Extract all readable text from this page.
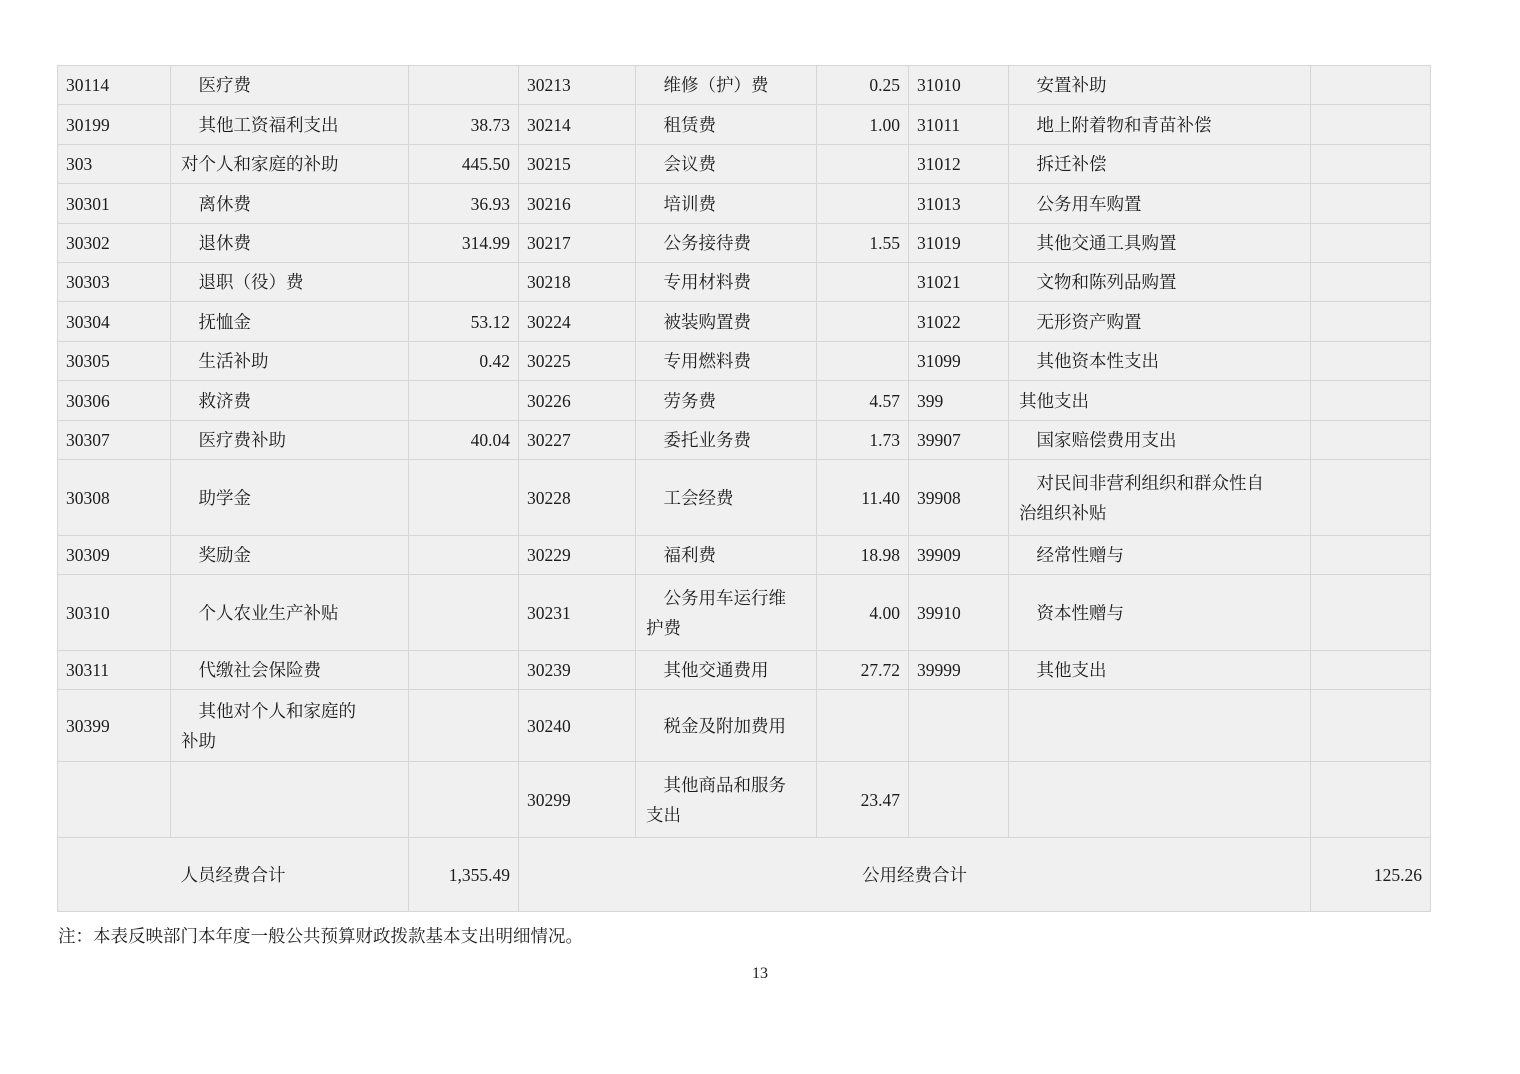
30114	医疗费		30213	维修（护）费	0.25	31010	安置补助	
30199	其他工资福利支出	38.73	30214	租赁费	1.00	31011	地上附着物和青苗补偿	
303	对个人和家庭的补助	445.50	30215	会议费		31012	拆迁补偿	
30301	离休费	36.93	30216	培训费		31013	公务用车购置	
30302	退休费	314.99	30217	公务接待费	1.55	31019	其他交通工具购置	
30303	退职（役）费		30218	专用材料费		31021	文物和陈列品购置	
30304	抚恤金	53.12	30224	被装购置费		31022	无形资产购置	
30305	生活补助	0.42	30225	专用燃料费		31099	其他资本性支出	
30306	救济费		30226	劳务费	4.57	399	其他支出	
30307	医疗费补助	40.04	30227	委托业务费	1.73	39907	国家赔偿费用支出	
30308	助学金		30228	工会经费	11.40	39908	对民间非营利组织和群众性自治组织补贴	
30309	奖励金		30229	福利费	18.98	39909	经常性赠与	
30310	个人农业生产补贴		30231	公务用车运行维护费	4.00	39910	资本性赠与	
30311	代缴社会保险费		30239	其他交通费用	27.72	39999	其他支出	
30399	其他对个人和家庭的补助		30240	税金及附加费用				
			30299	其他商品和服务支出	23.47			
人员经费合计		1,355.49	公用经费合计					125.26
注：本表反映部门本年度一般公共预算财政拨款基本支出明细情况。
13
